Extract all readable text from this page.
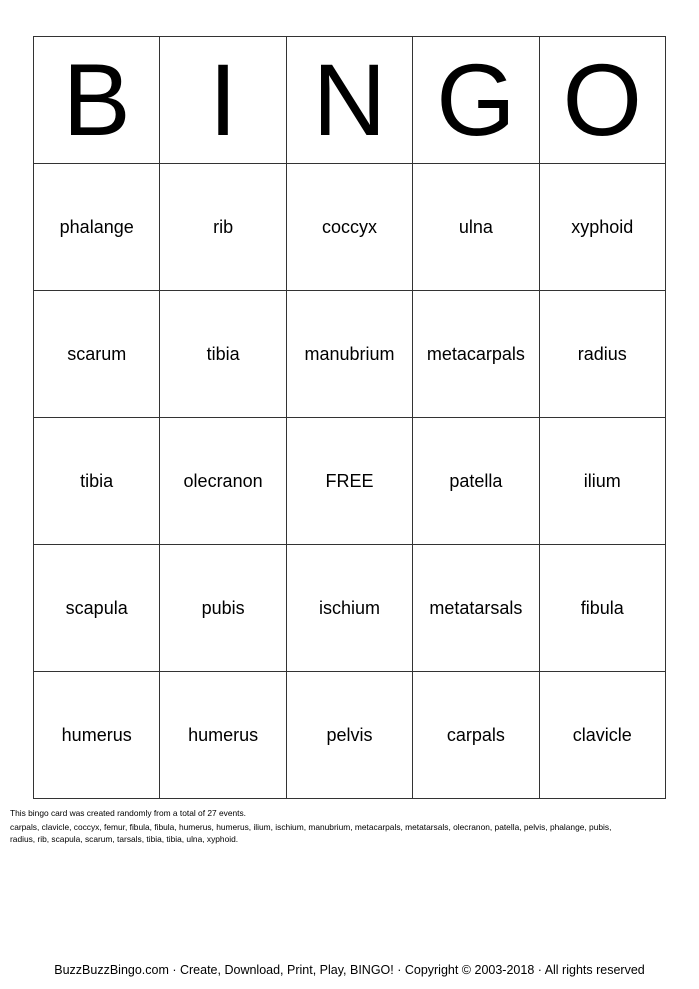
B	I	N	G	O
phalange	rib	coccyx	ulna	xyphoid
scarum	tibia	manubrium	metacarpals	radius
tibia	olecranon	FREE	patella	ilium
scapula	pubis	ischium	metatarsals	fibula
humerus	humerus	pelvis	carpals	clavicle
This bingo card was created randomly from a total of 27 events.
carpals, clavicle, coccyx, femur, fibula, fibula, humerus, humerus, ilium, ischium, manubrium, metacarpals, metatarsals, olecranon, patella, pelvis, phalange, pubis,
radius, rib, scapula, scarum, tarsals, tibia, tibia, ulna, xyphoid.
BuzzBuzzBingo.com · Create, Download, Print, Play, BINGO! · Copyright © 2003-2018 · All rights reserved
